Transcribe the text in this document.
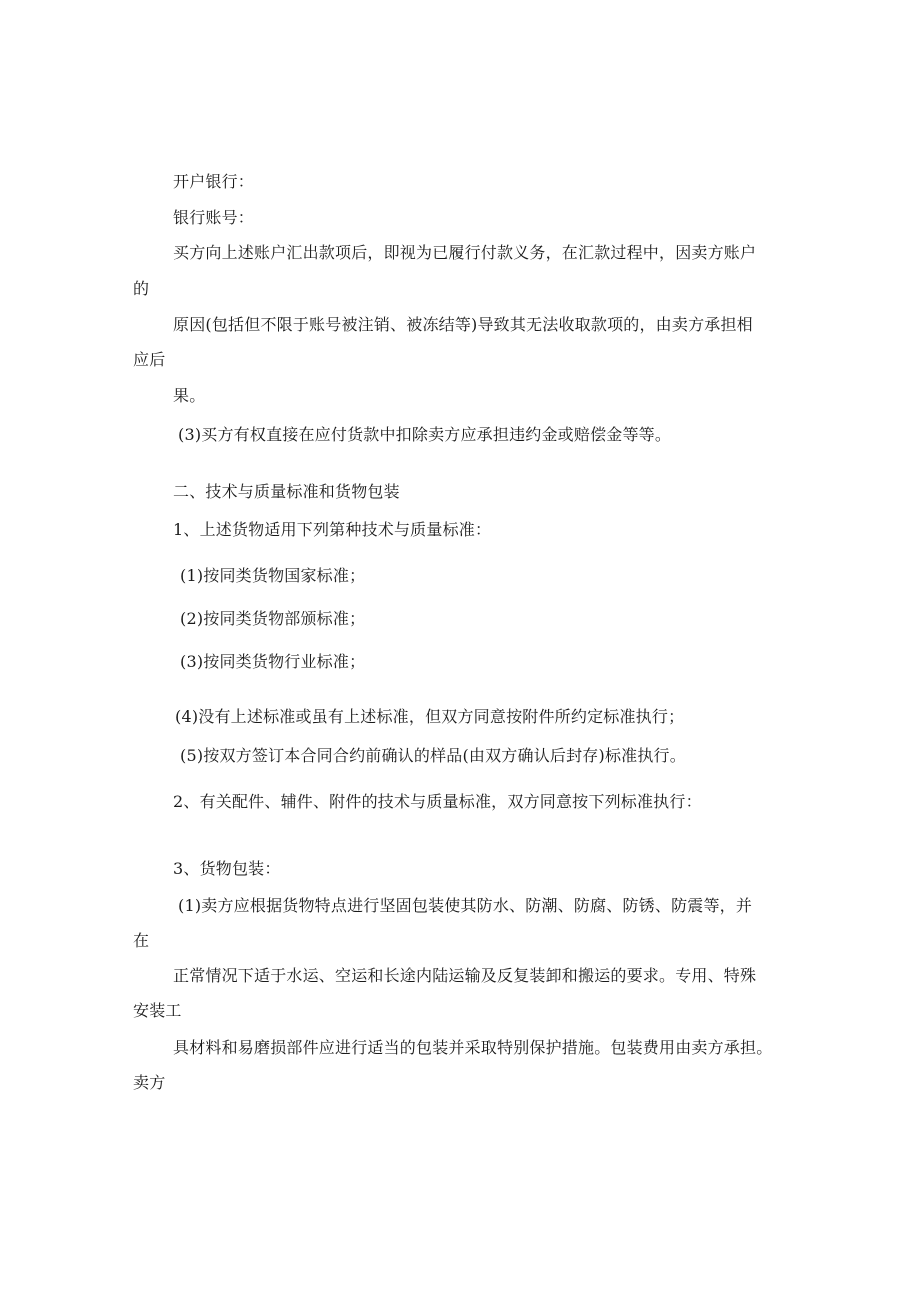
开户银行：
银行账号：
买方向上述账户汇出款项后，即视为已履行付款义务，在汇款过程中，因卖方账户
的
原因(包括但不限于账号被注销、被冻结等)导致其无法收取款项的，由卖方承担相
应后
果。
(3)买方有权直接在应付货款中扣除卖方应承担违约金或赔偿金等等。
二、技术与质量标准和货物包装
1、上述货物适用下列第种技术与质量标准：
(1)按同类货物国家标准；
(2)按同类货物部颁标准；
(3)按同类货物行业标准；
(4)没有上述标准或虽有上述标准，但双方同意按附件所约定标准执行；
(5)按双方签订本合同合约前确认的样品(由双方确认后封存)标准执行。
2、有关配件、辅件、附件的技术与质量标准，双方同意按下列标准执行：
3、货物包装：
(1)卖方应根据货物特点进行坚固包装使其防水、防潮、防腐、防锈、防震等，并
在
正常情况下适于水运、空运和长途内陆运输及反复装卸和搬运的要求。专用、特殊
安装工
具材料和易磨损部件应进行适当的包装并采取特别保护措施。包装费用由卖方承担。
卖方
